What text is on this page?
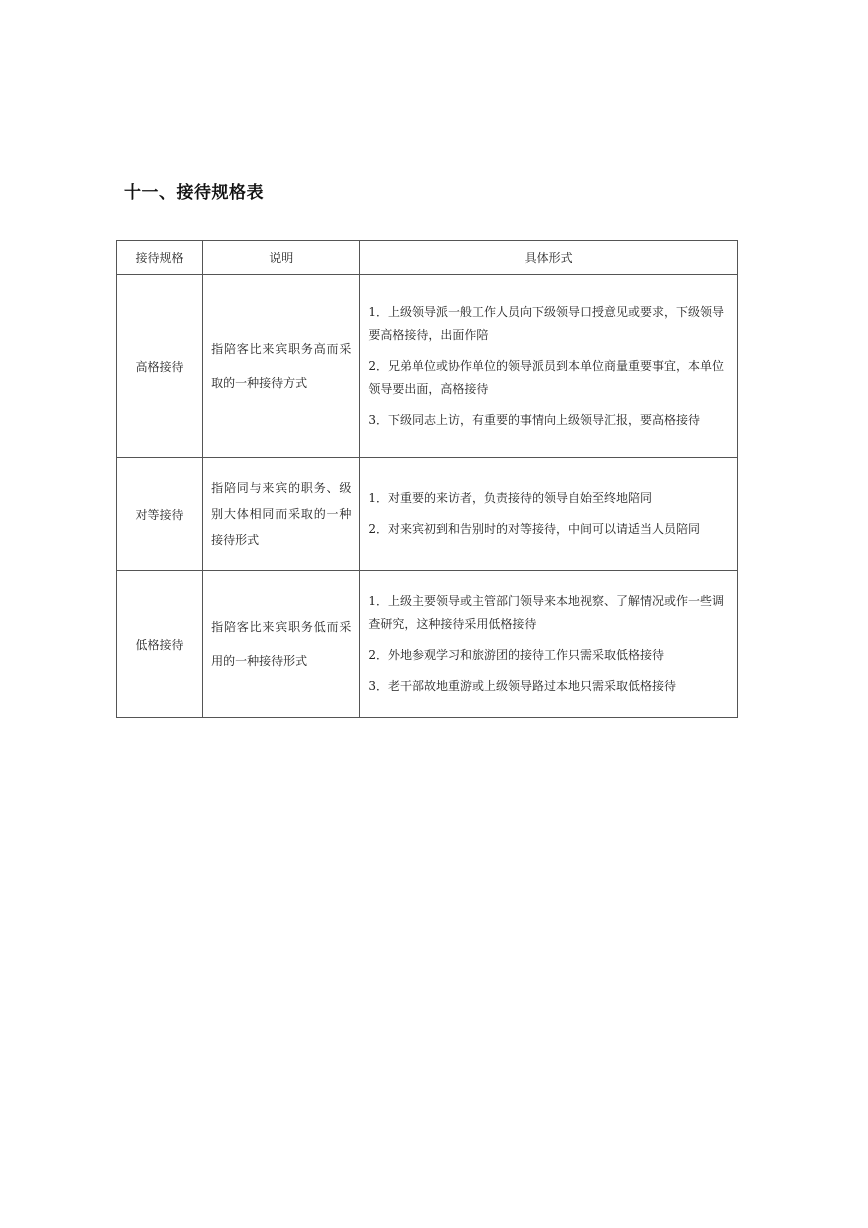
十一、接待规格表
接待规格	说明	具体形式
高格接待	指陪客比来宾职务高而采取的一种接待方式	1．上级领导派一般工作人员向下级领导口授意见或要求，下级领导要高格接待，出面作陪

2．兄弟单位或协作单位的领导派员到本单位商量重要事宜，本单位领导要出面，高格接待

3．下级同志上访，有重要的事情向上级领导汇报，要高格接待

对等接待	指陪同与来宾的职务、级别大体相同而采取的一种接待形式	1．对重要的来访者，负责接待的领导自始至终地陪同

2．对来宾初到和告别时的对等接待，中间可以请适当人员陪同

低格接待	指陪客比来宾职务低而采用的一种接待形式	1．上级主要领导或主管部门领导来本地视察、了解情况或作一些调查研究，这种接待采用低格接待

2．外地参观学习和旅游团的接待工作只需采取低格接待

3．老干部故地重游或上级领导路过本地只需采取低格接待
